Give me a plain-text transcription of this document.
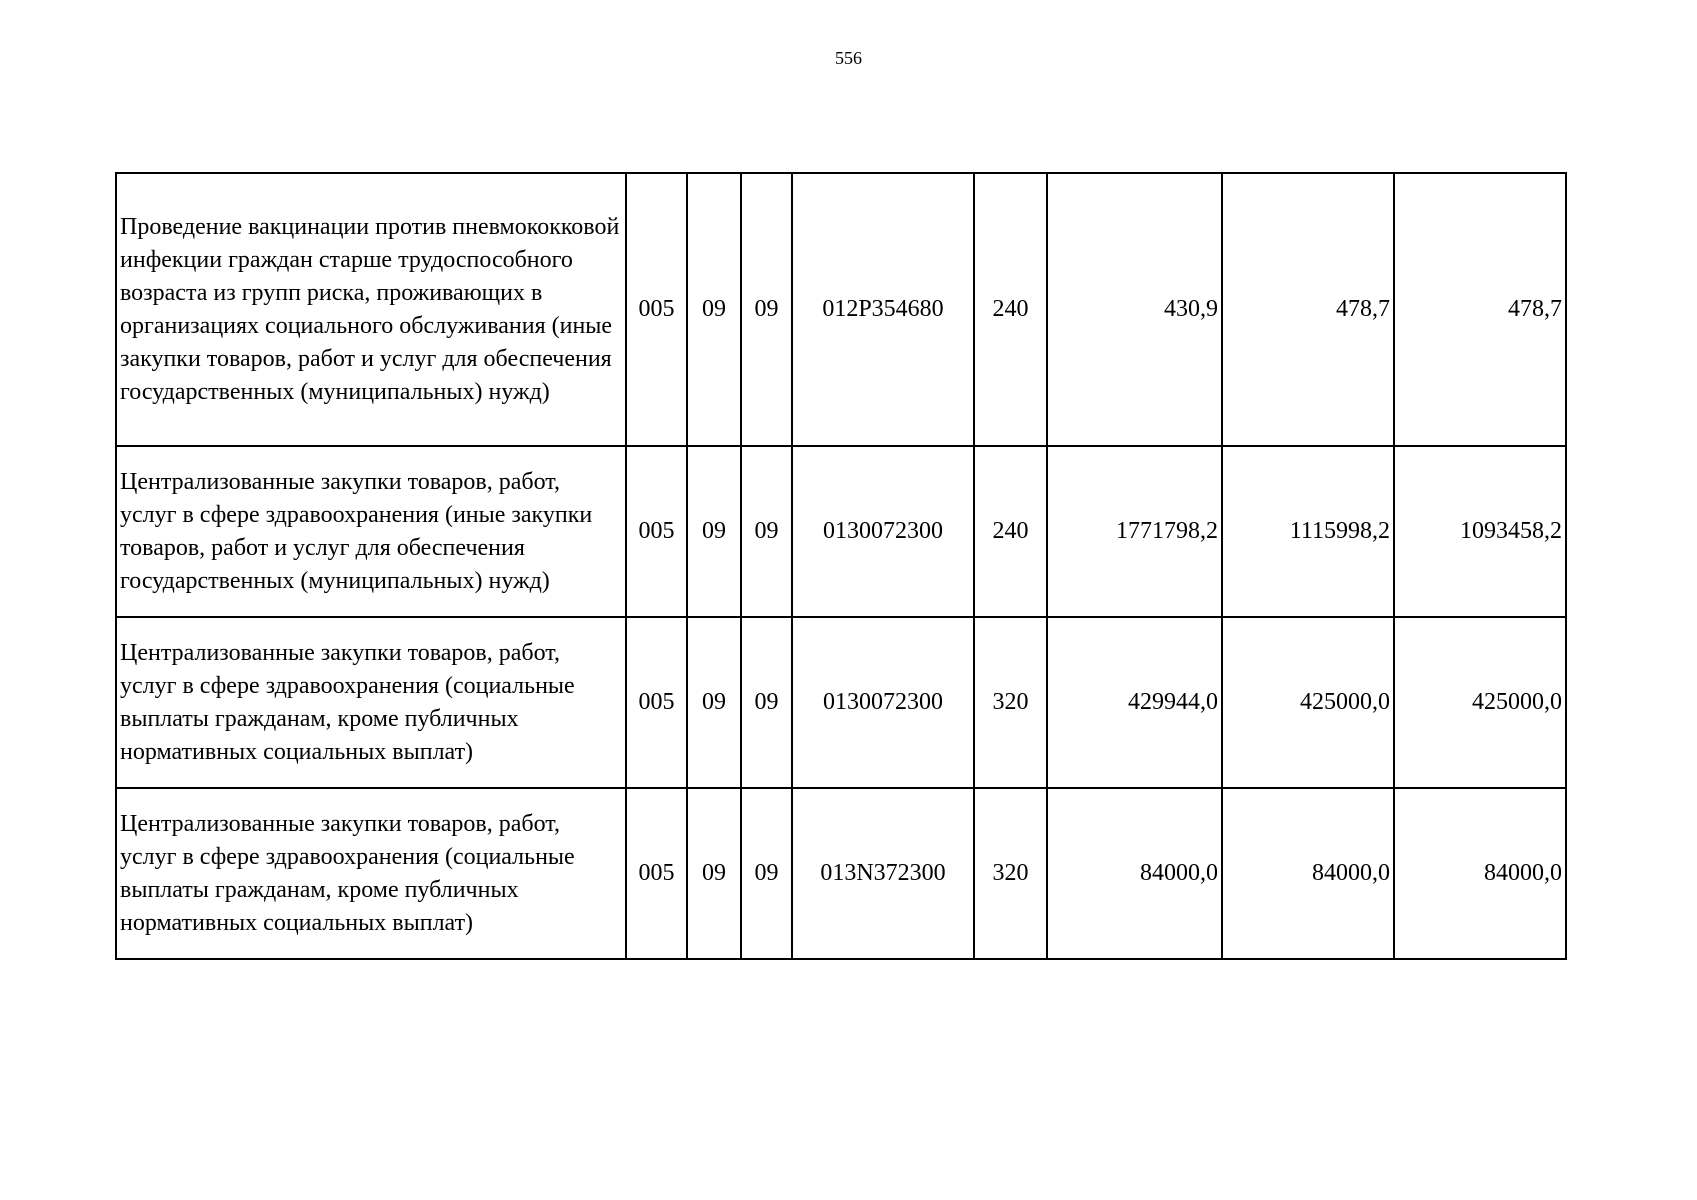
556
Проведение вакцинации против пневмококковой инфекции граждан старше трудоспособного возраста из групп риска, проживающих в организациях социального обслуживания (иные закупки товаров, работ и услуг для обеспечения государственных (муниципальных) нужд)	005	09	09	012P354680	240	430,9	478,7	478,7
Централизованные закупки товаров, работ, услуг в сфере здравоохранения (иные закупки товаров, работ и услуг для обеспечения государственных (муниципальных) нужд)	005	09	09	0130072300	240	1771798,2	1115998,2	1093458,2
Централизованные закупки товаров, работ, услуг в сфере здравоохранения (социальные выплаты гражданам, кроме публичных нормативных социальных выплат)	005	09	09	0130072300	320	429944,0	425000,0	425000,0
Централизованные закупки товаров, работ, услуг в сфере здравоохранения (социальные выплаты гражданам, кроме публичных нормативных социальных выплат)	005	09	09	013N372300	320	84000,0	84000,0	84000,0
